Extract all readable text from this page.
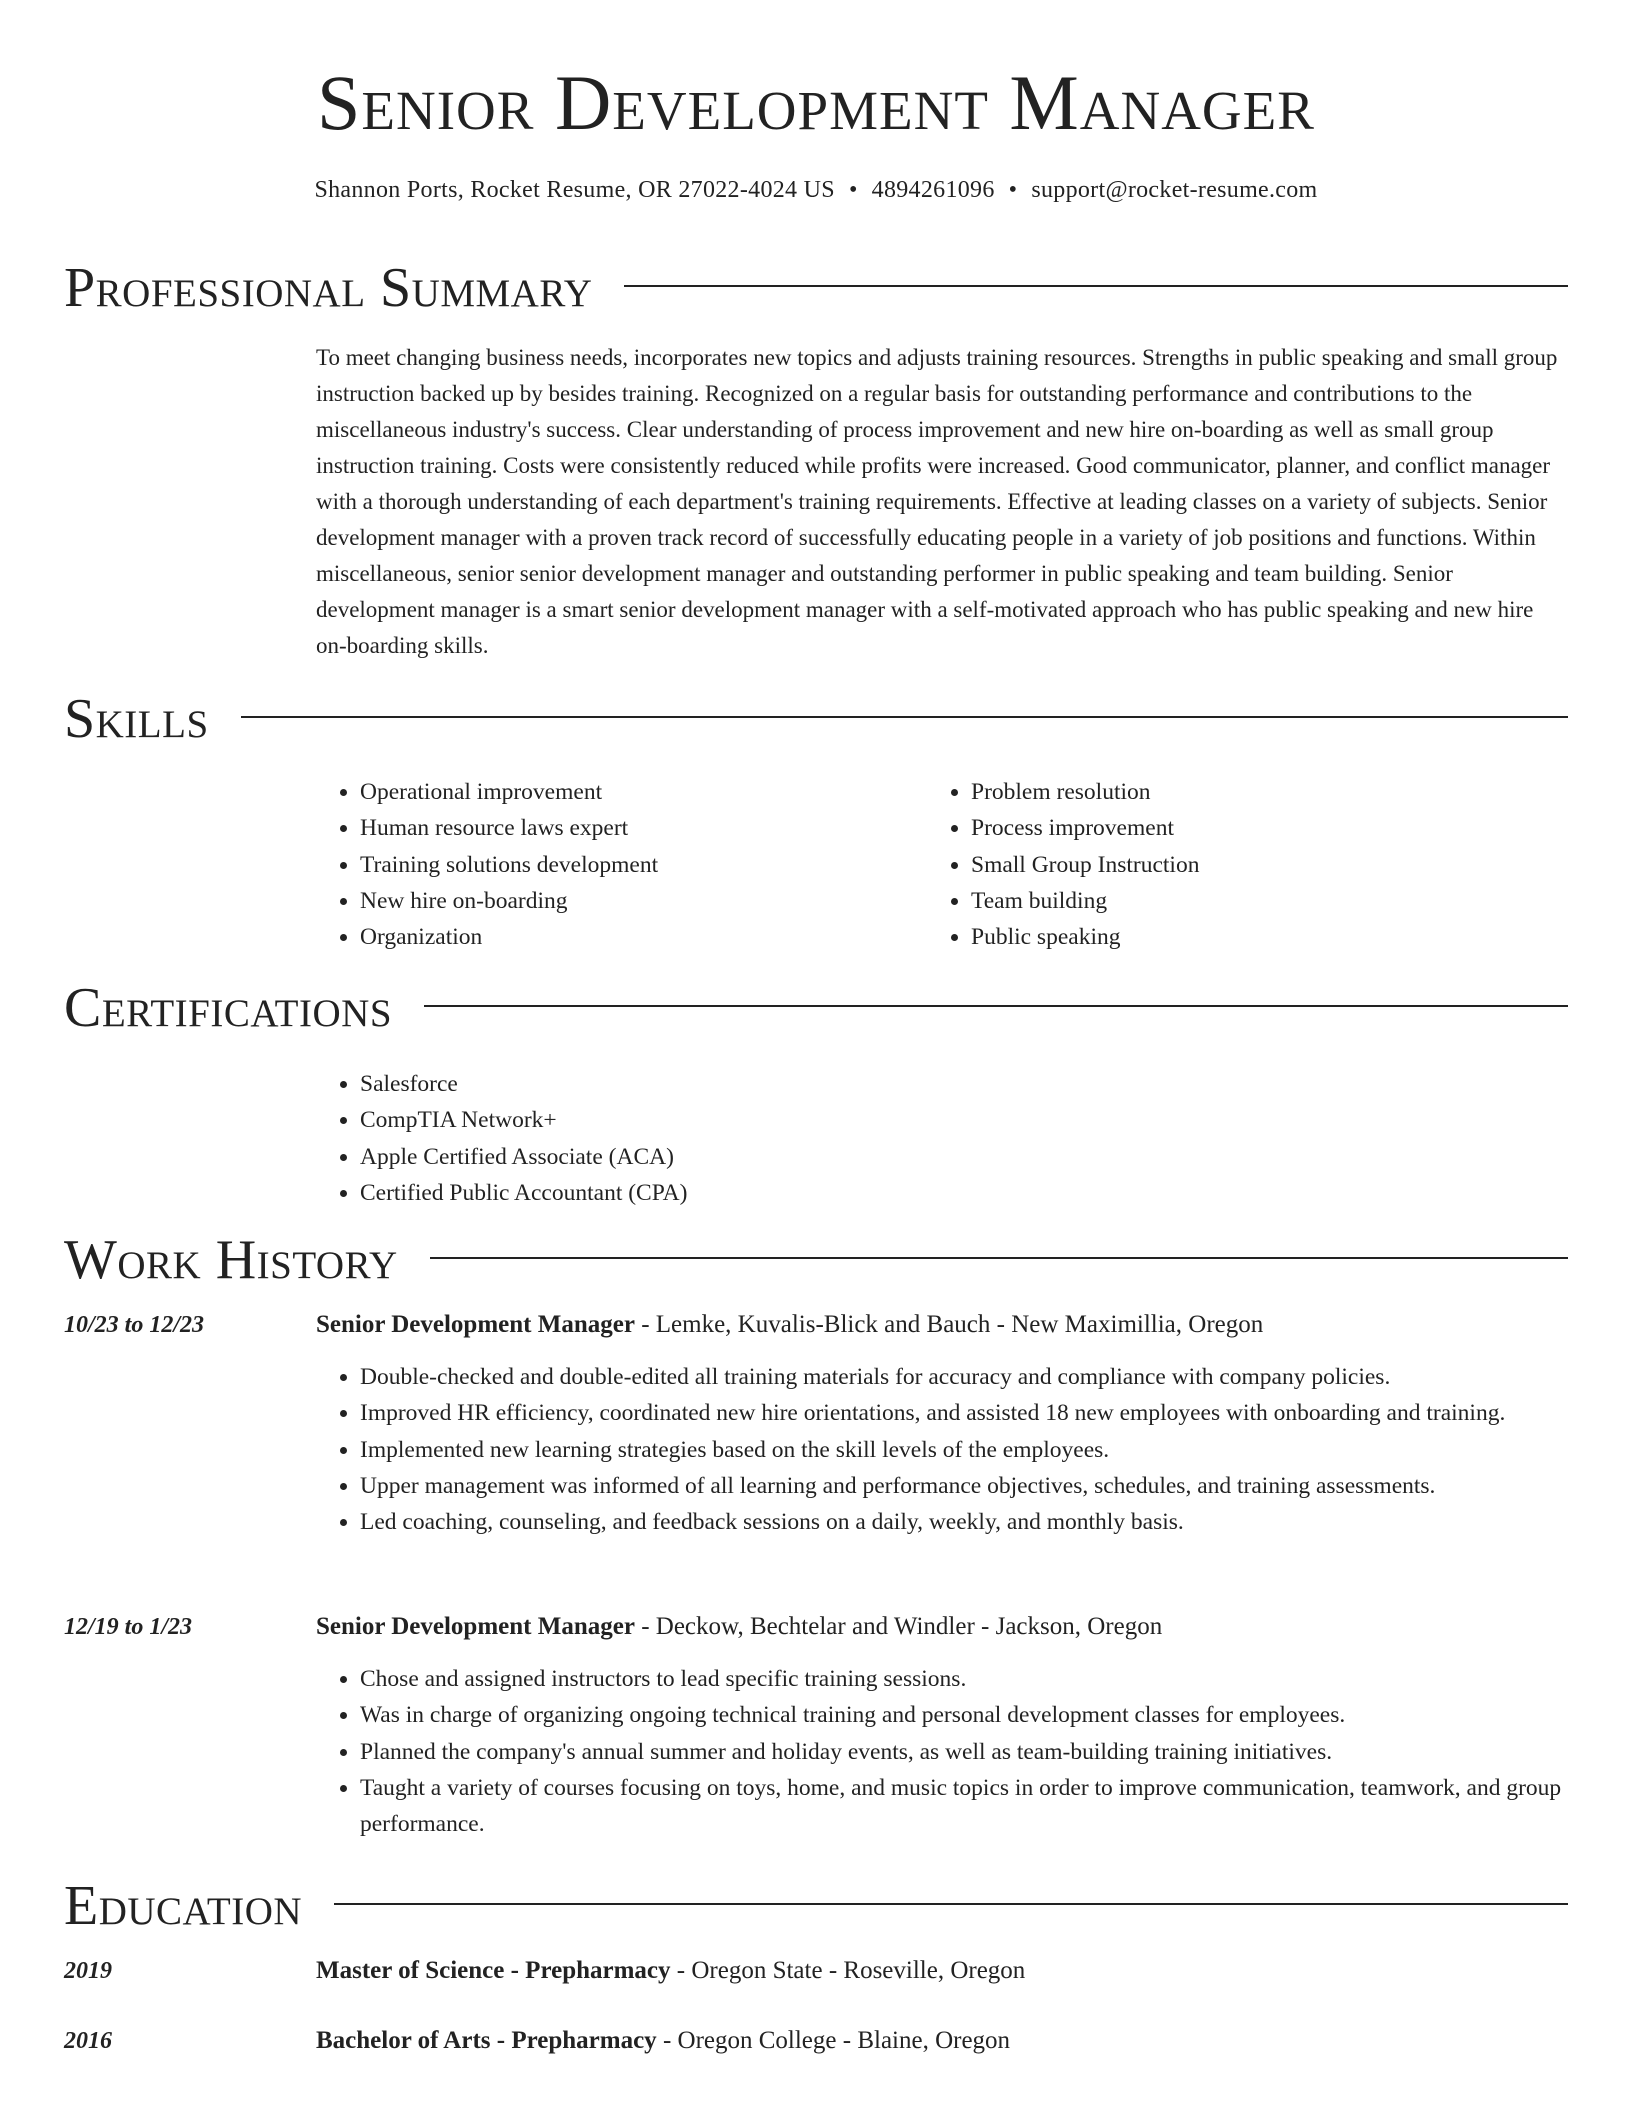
Senior Development Manager
Shannon Ports, Rocket Resume, OR 27022-4024 US • 4894261096 • support@rocket-resume.com
Professional Summary

To meet changing business needs, incorporates new topics and adjusts training resources. Strengths in public speaking and small group instruction backed up by besides training. Recognized on a regular basis for outstanding performance and contributions to the miscellaneous industry's success. Clear understanding of process improvement and new hire on-boarding as well as small group instruction training. Costs were consistently reduced while profits were increased. Good communicator, planner, and conflict manager with a thorough understanding of each department's training requirements. Effective at leading classes on a variety of subjects. Senior development manager with a proven track record of successfully educating people in a variety of job positions and functions. Within miscellaneous, senior senior development manager and outstanding performer in public speaking and team building. Senior development manager is a smart senior development manager with a self-motivated approach who has public speaking and new hire on-boarding skills.

Skills
• Operational improvement
• Human resource laws expert
• Training solutions development
• New hire on-boarding
• Organization
• Problem resolution
• Process improvement
• Small Group Instruction
• Team building
• Public speaking
Certifications
• Salesforce
• CompTIA Network+
• Apple Certified Associate (ACA)
• Certified Public Accountant (CPA)
Work History
10/23 to 12/23	Senior Development Manager - Lemke, Kuvalis-Blick and Bauch - New Maximillia, Oregon
• Double-checked and double-edited all training materials for accuracy and compliance with company policies.
• Improved HR efficiency, coordinated new hire orientations, and assisted 18 new employees with onboarding and training.
• Implemented new learning strategies based on the skill levels of the employees.
• Upper management was informed of all learning and performance objectives, schedules, and training assessments.
• Led coaching, counseling, and feedback sessions on a daily, weekly, and monthly basis.
12/19 to 1/23	Senior Development Manager - Deckow, Bechtelar and Windler - Jackson, Oregon
• Chose and assigned instructors to lead specific training sessions.
• Was in charge of organizing ongoing technical training and personal development classes for employees.
• Planned the company's annual summer and holiday events, as well as team-building training initiatives.
• Taught a variety of courses focusing on toys, home, and music topics in order to improve communication, teamwork, and group performance.
Education
2019	Master of Science - Prepharmacy - Oregon State - Roseville, Oregon
2016	Bachelor of Arts - Prepharmacy - Oregon College - Blaine, Oregon
